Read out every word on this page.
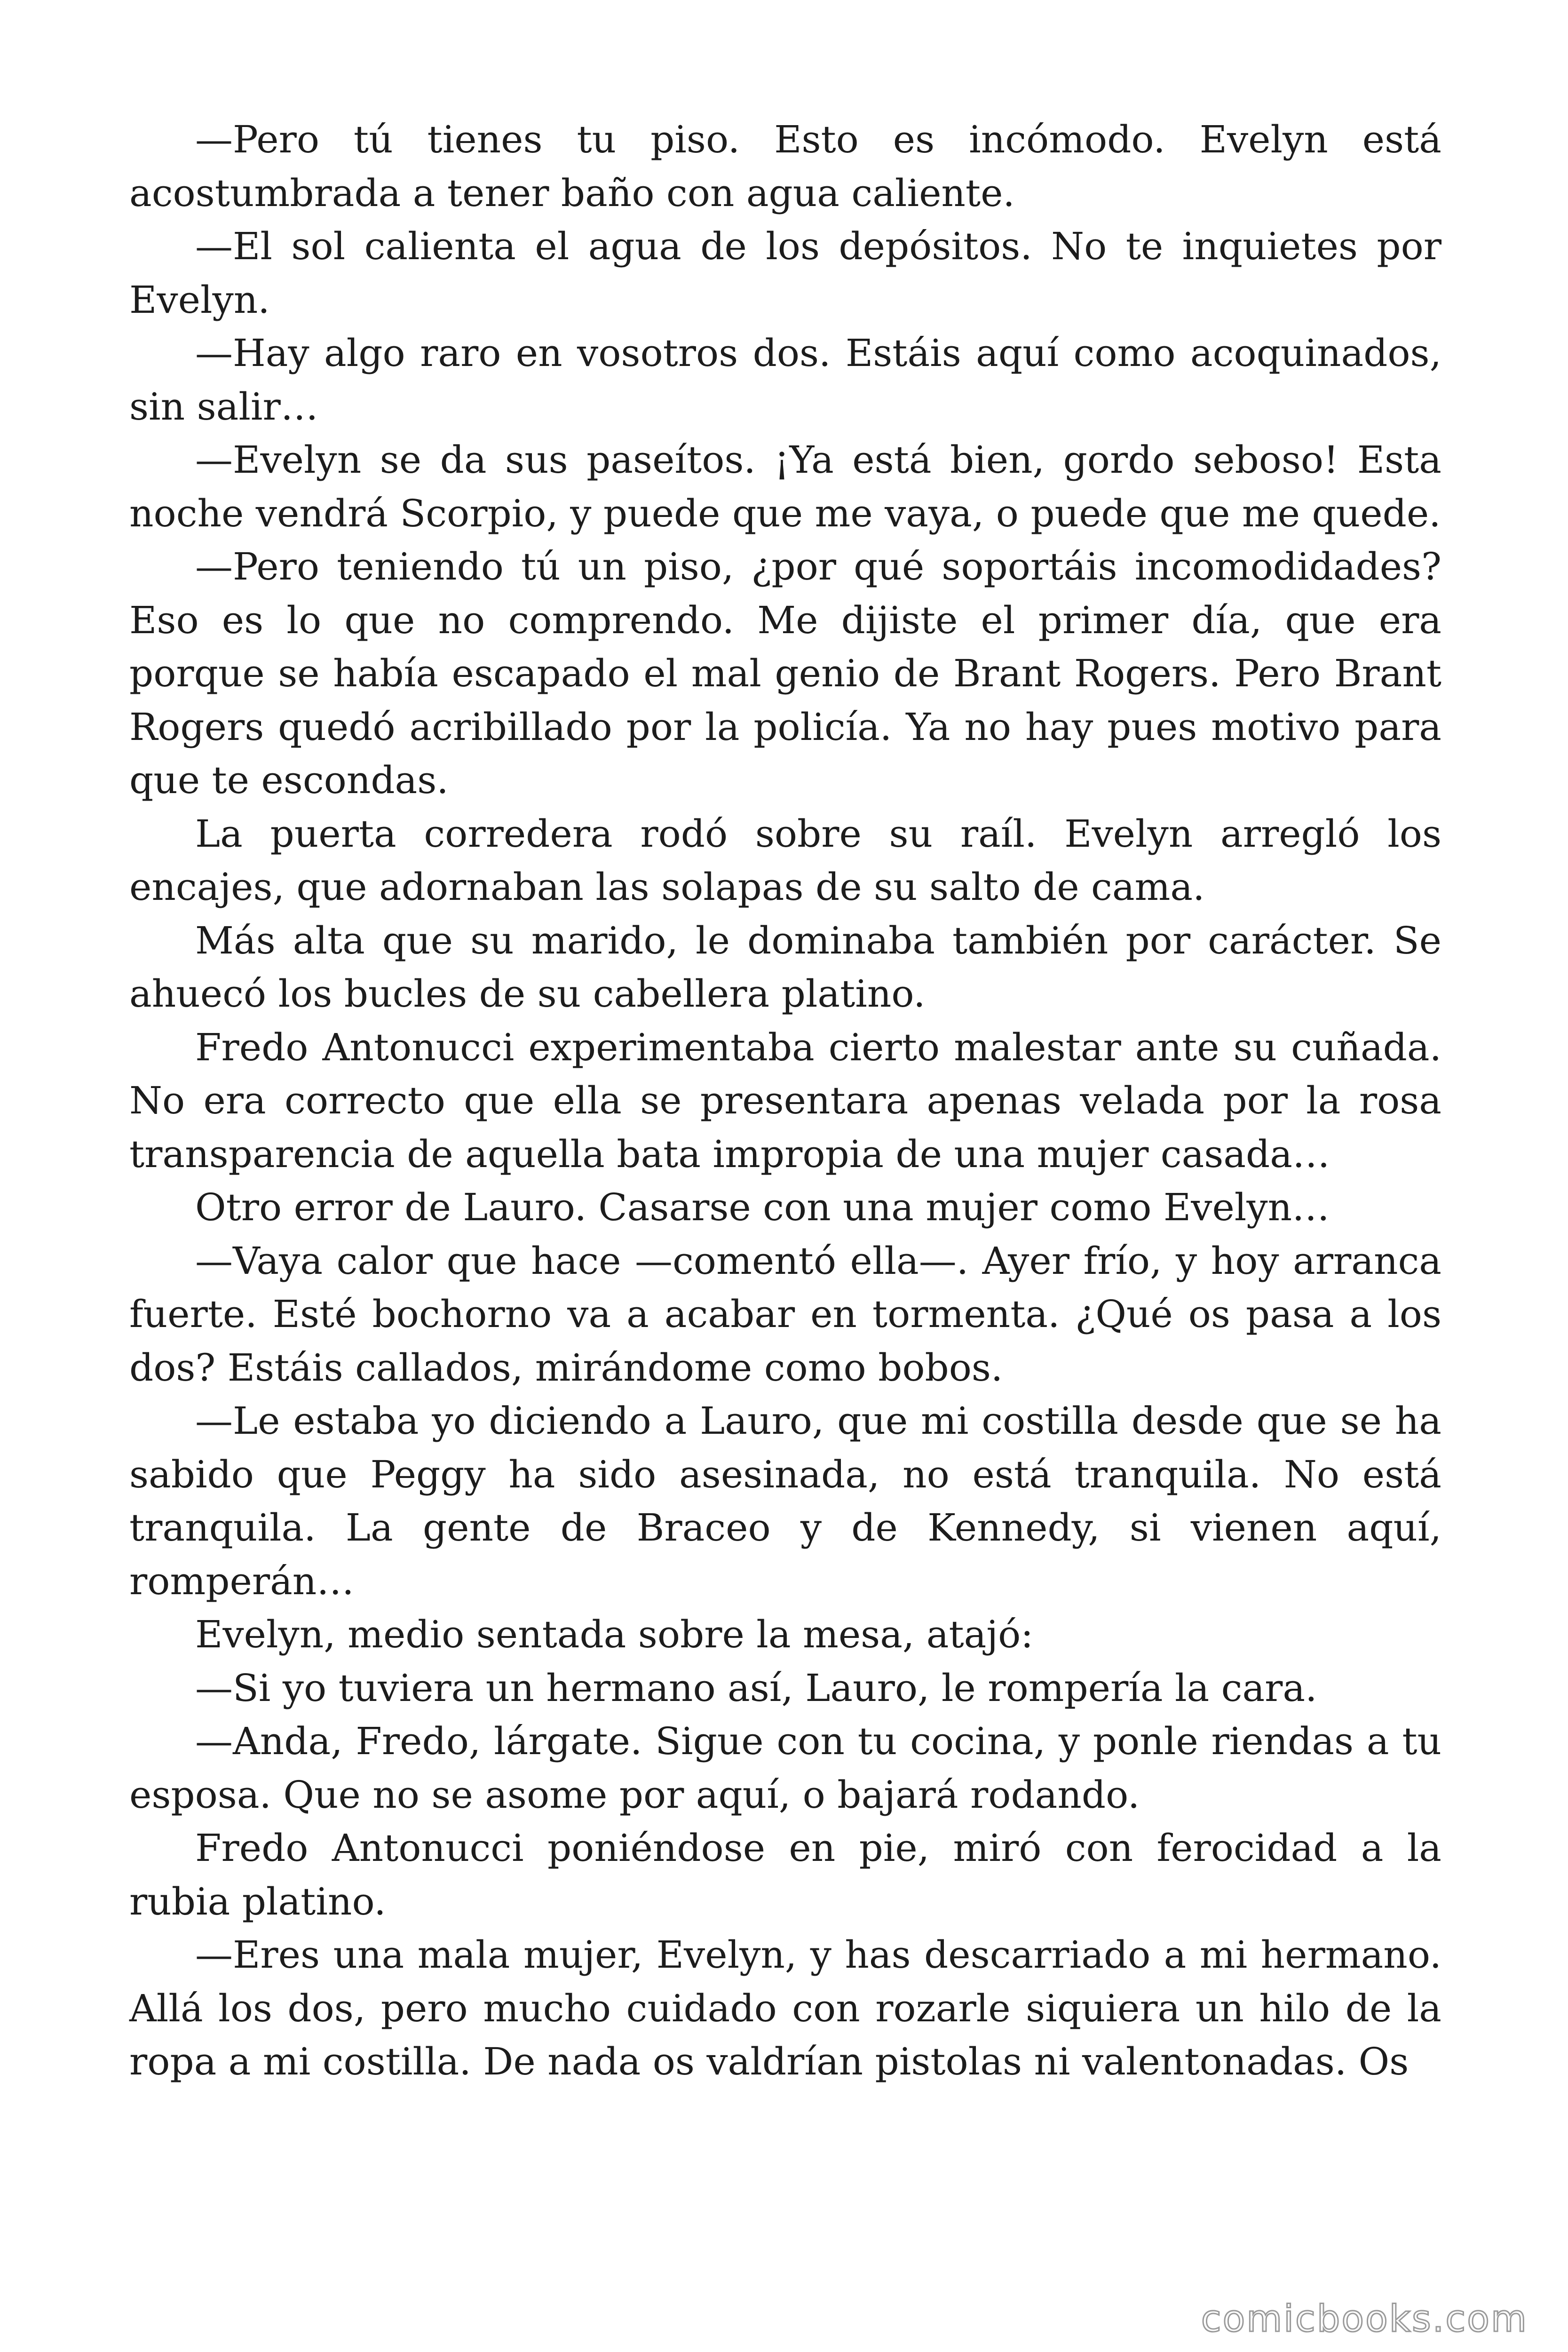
—Pero tú tienes tu piso. Esto es incómodo. Evelyn está acostumbrada a tener baño con agua caliente.

—El sol calienta el agua de los depósitos. No te inquietes por Evelyn.

—Hay algo raro en vosotros dos. Estáis aquí como acoquinados, sin salir…

—Evelyn se da sus paseítos. ¡Ya está bien, gordo seboso! Esta noche vendrá Scorpio, y puede que me vaya, o puede que me quede.

—Pero teniendo tú un piso, ¿por qué soportáis incomodidades? Eso es lo que no comprendo. Me dijiste el primer día, que era porque se había escapado el mal genio de Brant Rogers. Pero Brant Rogers quedó acribillado por la policía. Ya no hay pues motivo para que te escondas.

La puerta corredera rodó sobre su raíl. Evelyn arregló los encajes, que adornaban las solapas de su salto de cama.

Más alta que su marido, le dominaba también por carácter. Se ahuecó los bucles de su cabellera platino.

Fredo Antonucci experimentaba cierto malestar ante su cuñada. No era correcto que ella se presentara apenas velada por la rosa transparencia de aquella bata impropia de una mujer casada…

Otro error de Lauro. Casarse con una mujer como Evelyn…

—Vaya calor que hace —comentó ella—. Ayer frío, y hoy arranca fuerte. Esté bochorno va a acabar en tormenta. ¿Qué os pasa a los dos? Estáis callados, mirándome como bobos.

—Le estaba yo diciendo a Lauro, que mi costilla desde que se ha sabido que Peggy ha sido asesinada, no está tranquila. No está tranquila. La gente de Braceo y de Kennedy, si vienen aquí, romperán…

Evelyn, medio sentada sobre la mesa, atajó:

—Si yo tuviera un hermano así, Lauro, le rompería la cara.

—Anda, Fredo, lárgate. Sigue con tu cocina, y ponle riendas a tu esposa. Que no se asome por aquí, o bajará rodando.

Fredo Antonucci poniéndose en pie, miró con ferocidad a la rubia platino.

—Eres una mala mujer, Evelyn, y has descarriado a mi hermano. Allá los dos, pero mucho cuidado con rozarle siquiera un hilo de la ropa a mi costilla. De nada os valdrían pistolas ni valentonadas. Os

comicbooks.com
